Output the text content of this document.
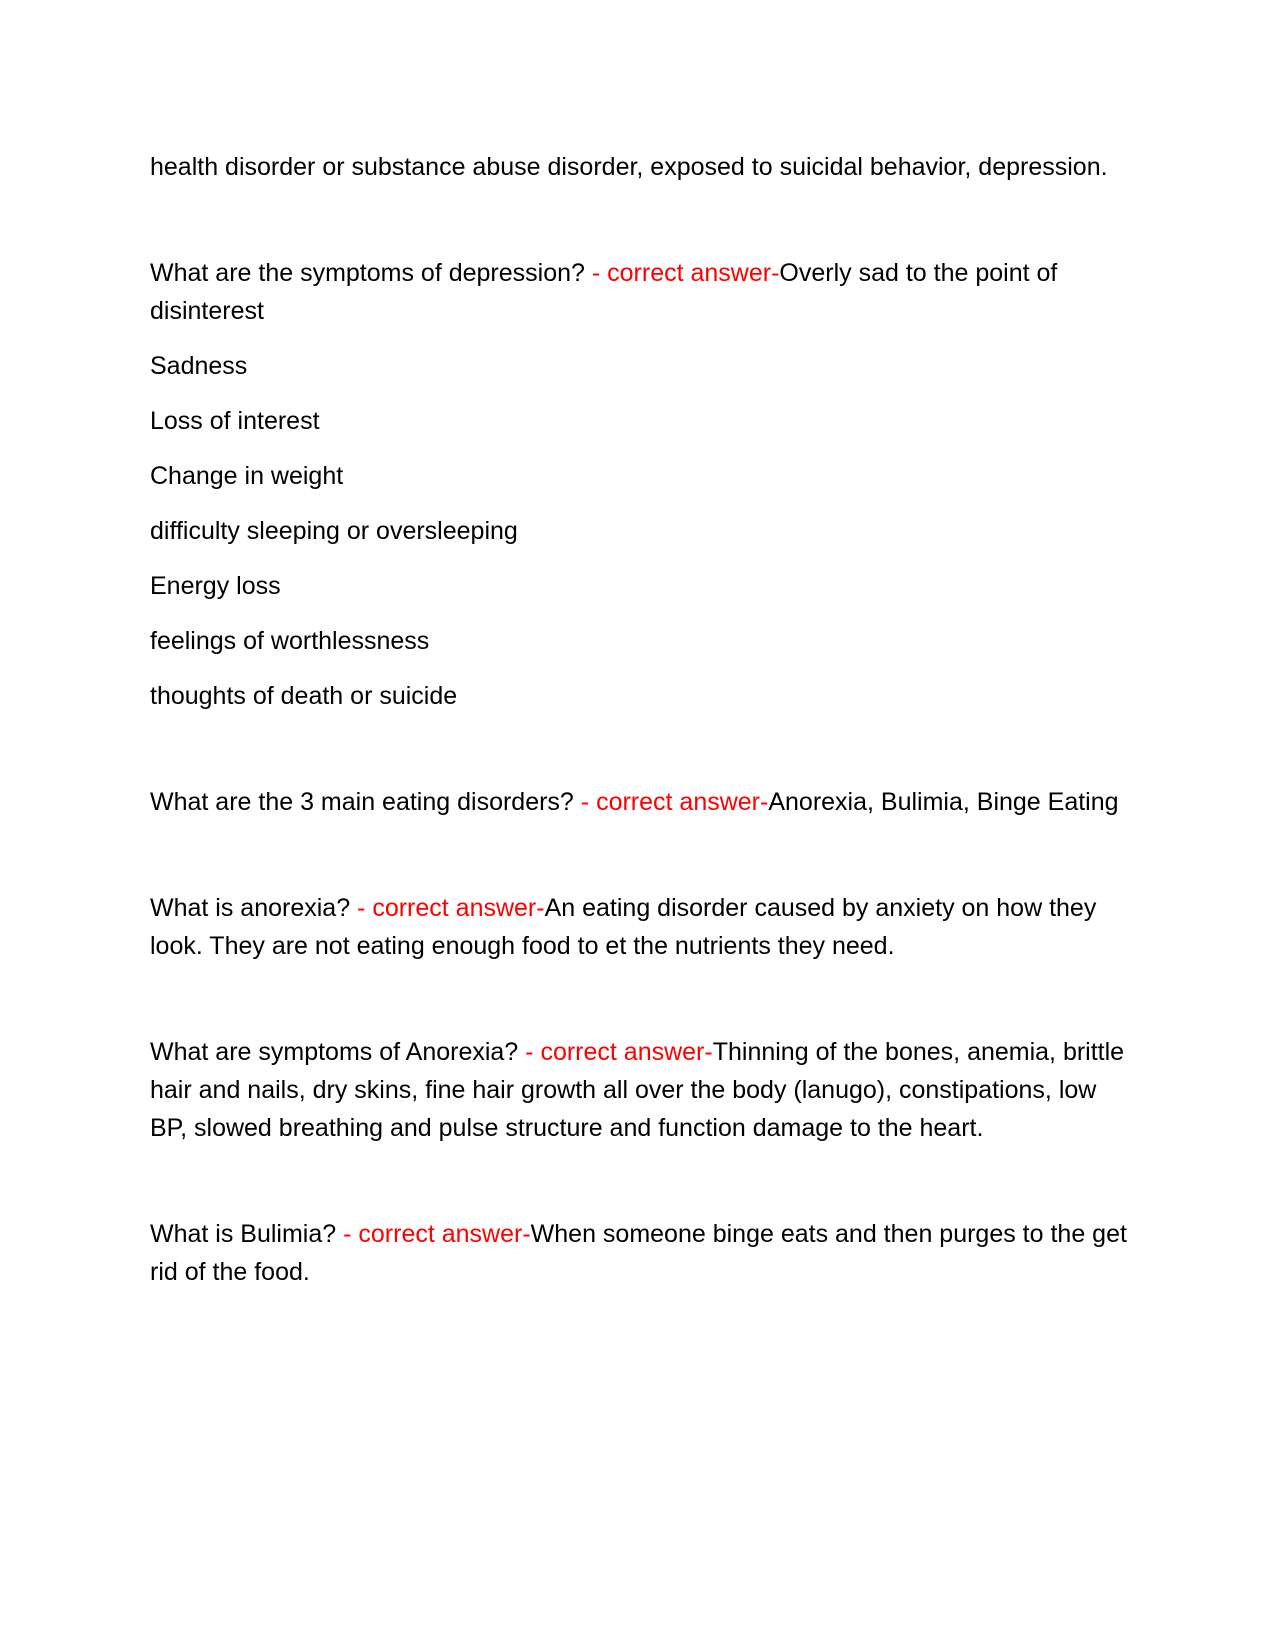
health disorder or substance abuse disorder, exposed to suicidal behavior, depression.

What are the symptoms of depression? - correct answer-Overly sad to the point of disinterest

Sadness

Loss of interest

Change in weight

difficulty sleeping or oversleeping

Energy loss

feelings of worthlessness

thoughts of death or suicide

What are the 3 main eating disorders? - correct answer-Anorexia, Bulimia, Binge Eating

What is anorexia? - correct answer-An eating disorder caused by anxiety on how they look. They are not eating enough food to et the nutrients they need.

What are symptoms of Anorexia? - correct answer-Thinning of the bones, anemia, brittle hair and nails, dry skins, fine hair growth all over the body (lanugo), constipations, low BP, slowed breathing and pulse structure and function damage to the heart.

What is Bulimia? - correct answer-When someone binge eats and then purges to the get rid of the food.
